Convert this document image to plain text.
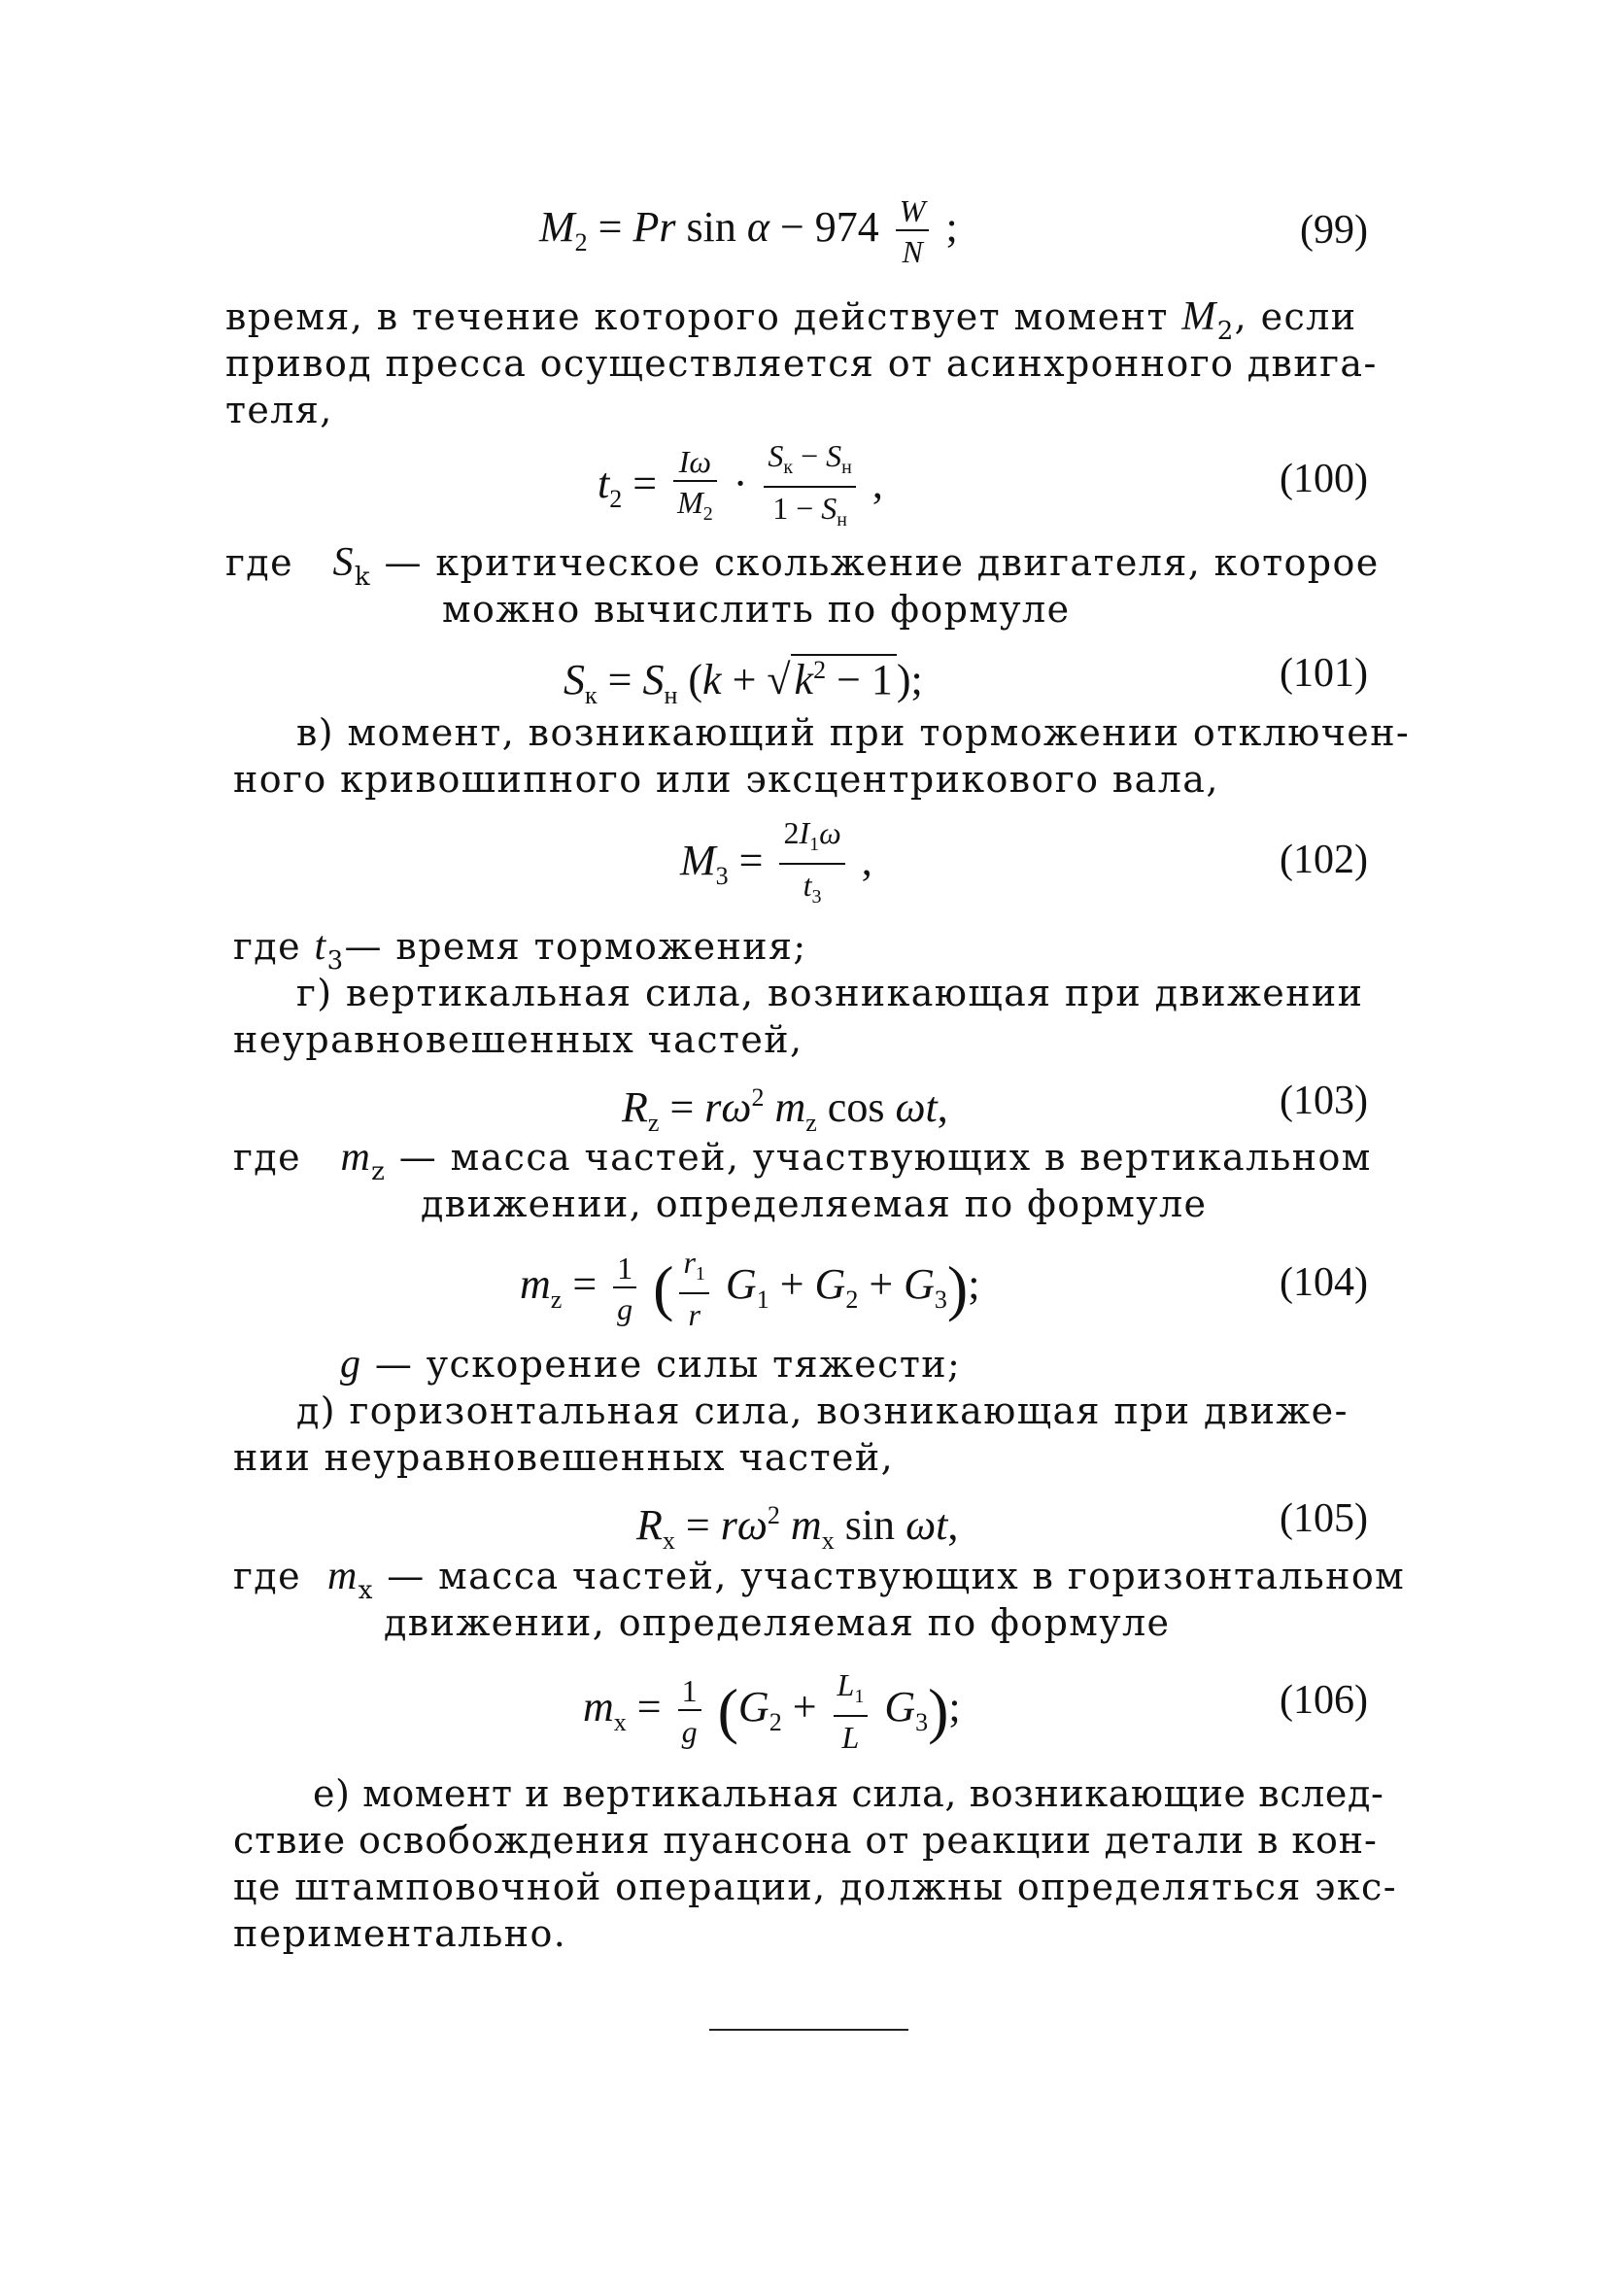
$M_2 = Pr$ $\sin \alpha - 974 \frac{W}{N}$ ;	(99)
время, в течение которого действует момент $M_2$, если
привод пресса осуществляется от асинхронного двига-
теля,
$t_2 = \frac{I\omega}{M_2} \cdot \frac{S_к - S_н}{1 - S_н}$ ,	(100)
где $S_k$ — критическое скольжение двигателя, которое
можно вычислить по формуле
$S_к = S_н$ $(k + √k^2 - 1)$;	(101)
в) момент, возникающий при торможении отключен-
ного кривошипного или эксцентрикового вала,
$M_3 = \frac{2I_1\omega}{t_3}$ ,	(102)
где $t_3—$ время торможения;
г) вертикальная сила, возникающая при движении
неуравновешенных частей,
$R_z = r\omega^2$ $m_z$ cos ωt,	(103)
где $m_z$ — масса частей, участвующих в вертикальном
движении, определяемая по формуле
$m_z = \frac{1}{g}$ ( $\frac{r_1}{r} G_1 + G_2 + G_3$);	(104)
g — ускорение силы тяжести;
д) горизонтальная сила, возникающая при движе-
нии неуравновешенных частей,
$R_x = r\omega^2$ $m_x$ sin ωt,	(105)
где $m_x$ — масса частей, участвующих в горизонтальном
движении, определяемая по формуле
$m_x = \frac{1}{g} (G_2 + \frac{L_1}{L} G_3)$;	(106)
е) момент и вертикальная сила, возникающие вслед-
ствие освобождения пуансона от реакции детали в кон-
це штамповочной операции, должны определяться экс-
периментально.
